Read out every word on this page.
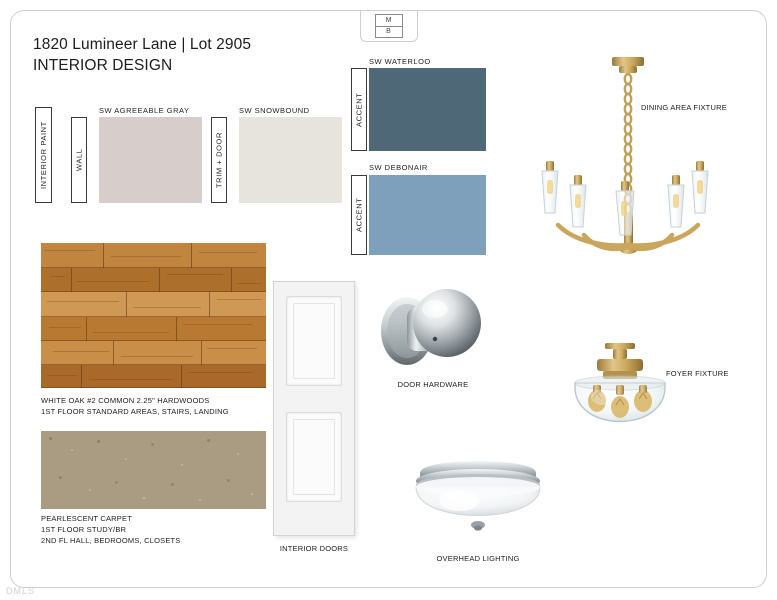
M
B
1820 Lumineer Lane | Lot 2905
INTERIOR DESIGN
INTERIOR PAINT	WALL
SW AGREEABLE GRAY
TRIM + DOOR
SW SNOWBOUND	ACCENT
SW WATERLOO
ACCENT
SW DEBONAIR
WHITE OAK #2 COMMON 2.25" HARDWOODS
1ST FLOOR STANDARD AREAS, STAIRS, LANDING
PEARLESCENT CARPET
1ST FLOOR STUDY/BR
2ND FL HALL, BEDROOMS, CLOSETS
INTERIOR DOORS
DOOR HARDWARE
DINING AREA FIXTURE
FOYER FIXTURE
OVERHEAD LIGHTING
DMLS
